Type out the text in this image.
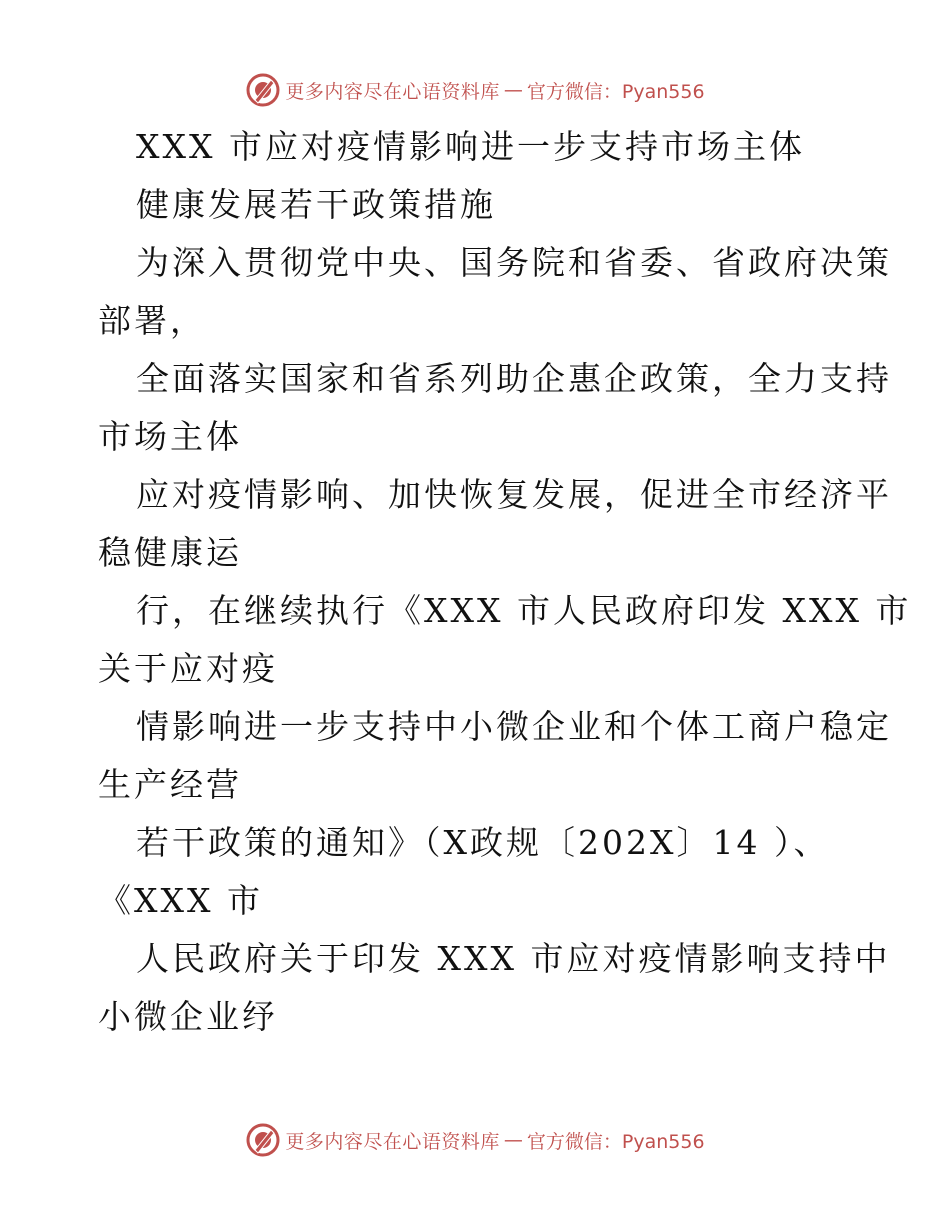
更多内容尽在心语资料库 — 官方微信：Pyan556
XXX 市应对疫情影响进一步支持市场主体
健康发展若干政策措施
为深入贯彻党中央、国务院和省委、省政府决策
部署，
全面落实国家和省系列助企惠企政策，全力支持
市场主体
应对疫情影响、加快恢复发展，促进全市经济平
稳健康运
行，在继续执行《XXX 市人民政府印发 XXX 市
关于应对疫
情影响进一步支持中小微企业和个体工商户稳定
生产经营
若干政策的通知》（X政规〔202X〕14 ）、
《XXX 市
人民政府关于印发 XXX 市应对疫情影响支持中
小微企业纾
更多内容尽在心语资料库 — 官方微信：Pyan556
